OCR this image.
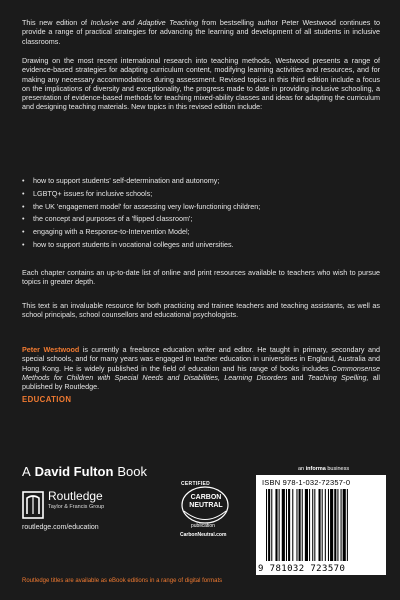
This new edition of Inclusive and Adaptive Teaching from bestselling author Peter Westwood continues to provide a range of practical strategies for advancing the learning and development of all students in inclusive classrooms.

Drawing on the most recent international research into teaching methods, Westwood presents a range of evidence-based strategies for adapting curriculum content, modifying learning activities and resources, and for making any necessary accommodations during assessment. Revised topics in this third edition include a focus on the implications of diversity and exceptionality, the progress made to date in providing inclusive schooling, a presentation of evidence-based methods for teaching mixed-ability classes and ideas for adapting the curriculum and designing teaching materials. New topics in this revised edition include:

• how to support students' self-determination and autonomy;
• LGBTQ+ issues for inclusive schools;
• the UK 'engagement model' for assessing very low-functioning children;
• the concept and purposes of a 'flipped classroom';
• engaging with a Response-to-Intervention Model;
• how to support students in vocational colleges and universities.

Each chapter contains an up-to-date list of online and print resources available to teachers who wish to pursue topics in greater depth.

This text is an invaluable resource for both practicing and trainee teachers and teaching assistants, as well as school principals, school counsellors and educational psychologists.

Peter Westwood is currently a freelance education writer and editor. He taught in primary, secondary and special schools, and for many years was engaged in teacher education in universities in England, Australia and Hong Kong. He is widely published in the field of education and his range of books includes Commonsense Methods for Children with Special Needs and Disabilities, Learning Disorders and Teaching Spelling, all published by Routledge.

EDUCATION
A David Fulton Book
Routledge
Taylor & Francis Group
routledge.com/education
CERTIFIED
CARBON
NEUTRAL
publication
CarbonNeutral.com
an informa business
ISBN 978-1-032-72357-0
9 781032 723570
Routledge titles are available as eBook editions in a range of digital formats
